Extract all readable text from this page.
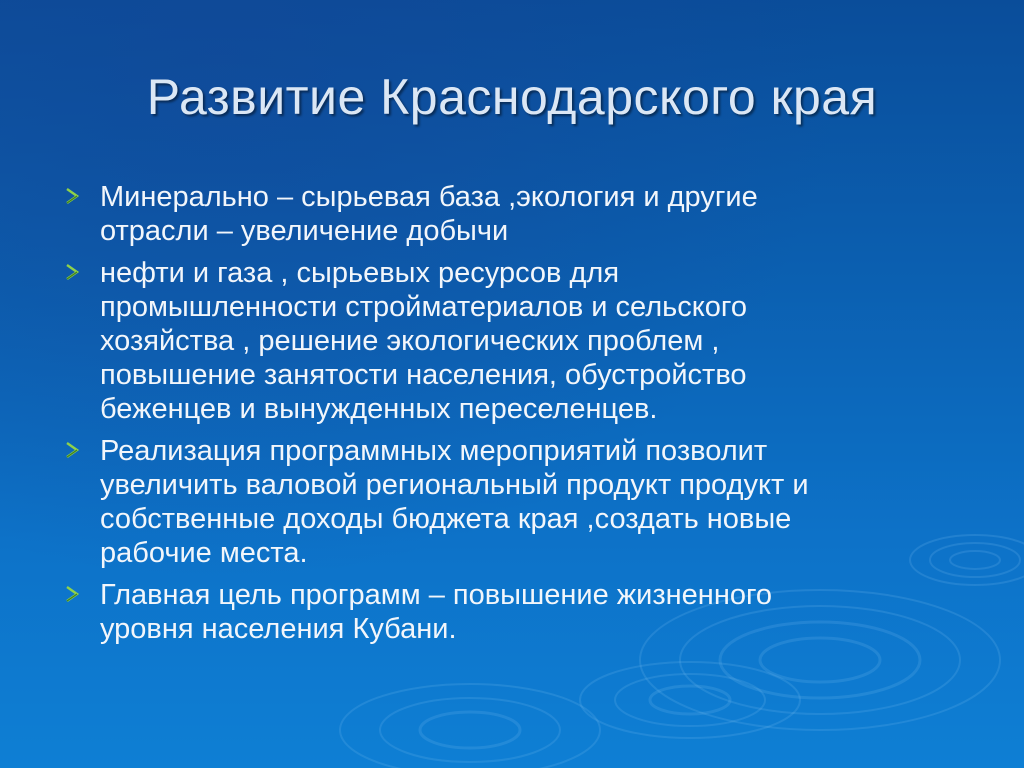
Развитие Краснодарского края
Минерально – сырьевая база ,экология и другие
отрасли – увеличение добычи
нефти и газа , сырьевых ресурсов для
промышленности стройматериалов и сельского
хозяйства , решение экологических проблем ,
повышение занятости населения, обустройство
беженцев и вынужденных переселенцев.
Реализация программных мероприятий позволит
увеличить валовой региональный продукт продукт и
собственные доходы бюджета края ,создать новые
рабочие места.
Главная цель программ – повышение жизненного
уровня населения Кубани.
